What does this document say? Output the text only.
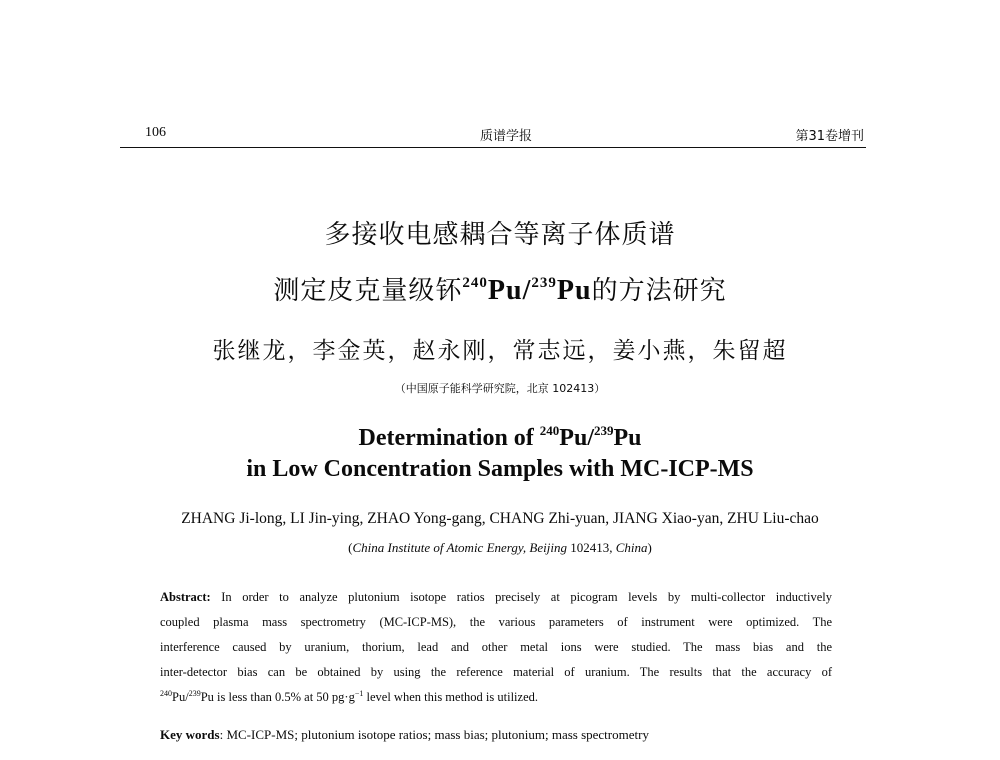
106	质谱学报	第31卷增刊
多接收电感耦合等离子体质谱
测定皮克量级钚$^{240}$Pu/$^{239}$Pu的方法研究
张继龙，李金英，赵永刚，常志远，姜小燕，朱留超
（中国原子能科学研究院，北京 102413）
Determination of $^{240}$Pu/$^{239}$Pu
in Low Concentration Samples with MC-ICP-MS
ZHANG Ji-long, LI Jin-ying, ZHAO Yong-gang, CHANG Zhi-yuan, JIANG Xiao-yan, ZHU Liu-chao
(China Institute of Atomic Energy, Beijing 102413, China)
Abstract: In order to analyze plutonium isotope ratios precisely at picogram levels by multi-collector inductively
coupled plasma mass spectrometry (MC-ICP-MS), the various parameters of instrument were optimized. The
interference caused by uranium, thorium, lead and other metal ions were studied. The mass bias and the
inter-detector bias can be obtained by using the reference material of uranium. The results that the accuracy of
$^{240}$Pu/$^{239}$Pu is less than 0.5% at 50 $pg\cdot g^{-1}$ level when this method is utilized.
Key words: MC-ICP-MS; plutonium isotope ratios; mass bias; plutonium; mass spectrometry
